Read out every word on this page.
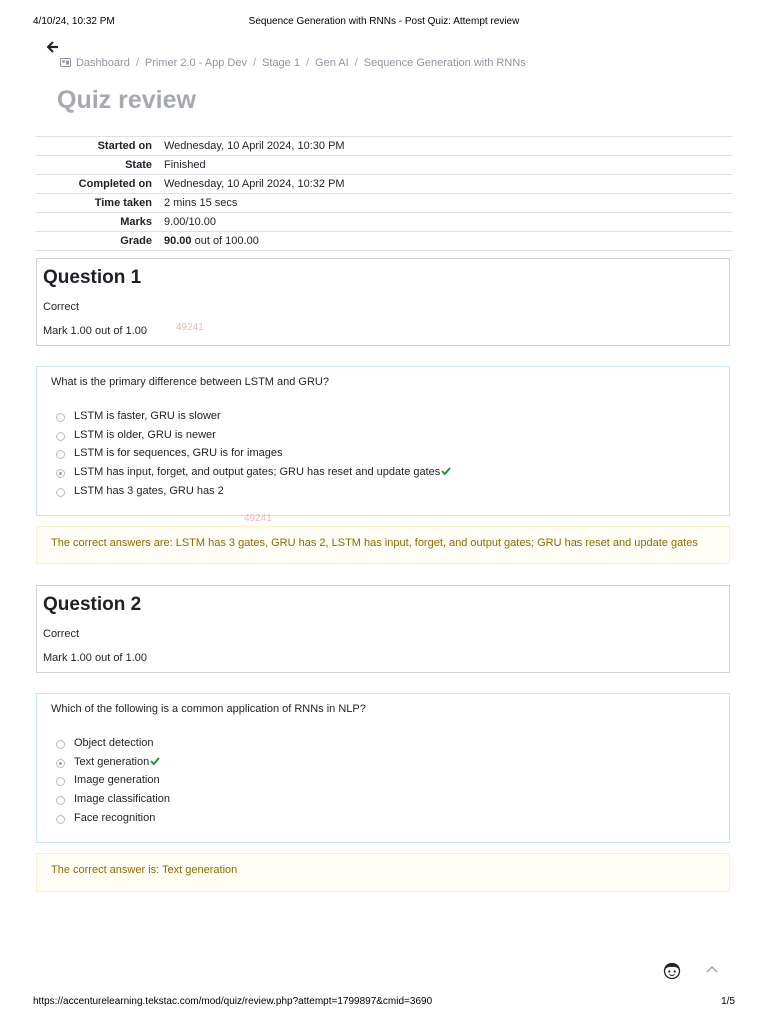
4/10/24, 10:32 PM	Sequence Generation with RNNs - Post Quiz: Attempt review
Dashboard / Primer 2.0 - App Dev / Stage 1 / Gen AI / Sequence Generation with RNNs
Quiz review
Started on	Wednesday, 10 April 2024, 10:30 PM
State	Finished
Completed on	Wednesday, 10 April 2024, 10:32 PM
Time taken	2 mins 15 secs
Marks	9.00/10.00
Grade	90.00 out of 100.00
Question 1
Correct
Mark 1.00 out of 1.00	49241
What is the primary difference between LSTM and GRU?
LSTM is faster, GRU is slower
LSTM is older, GRU is newer
LSTM is for sequences, GRU is for images
LSTM has input, forget, and output gates; GRU has reset and update gates
LSTM has 3 gates, GRU has 2
49241
The correct answers are: LSTM has 3 gates, GRU has 2, LSTM has input, forget, and output gates; GRU has reset and update gates
Question 2
Correct
Mark 1.00 out of 1.00
Which of the following is a common application of RNNs in NLP?
Object detection
Text generation
Image generation
Image classification
Face recognition
The correct answer is: Text generation
https://accenturelearning.tekstac.com/mod/quiz/review.php?attempt=1799897&cmid=3690	1/5
